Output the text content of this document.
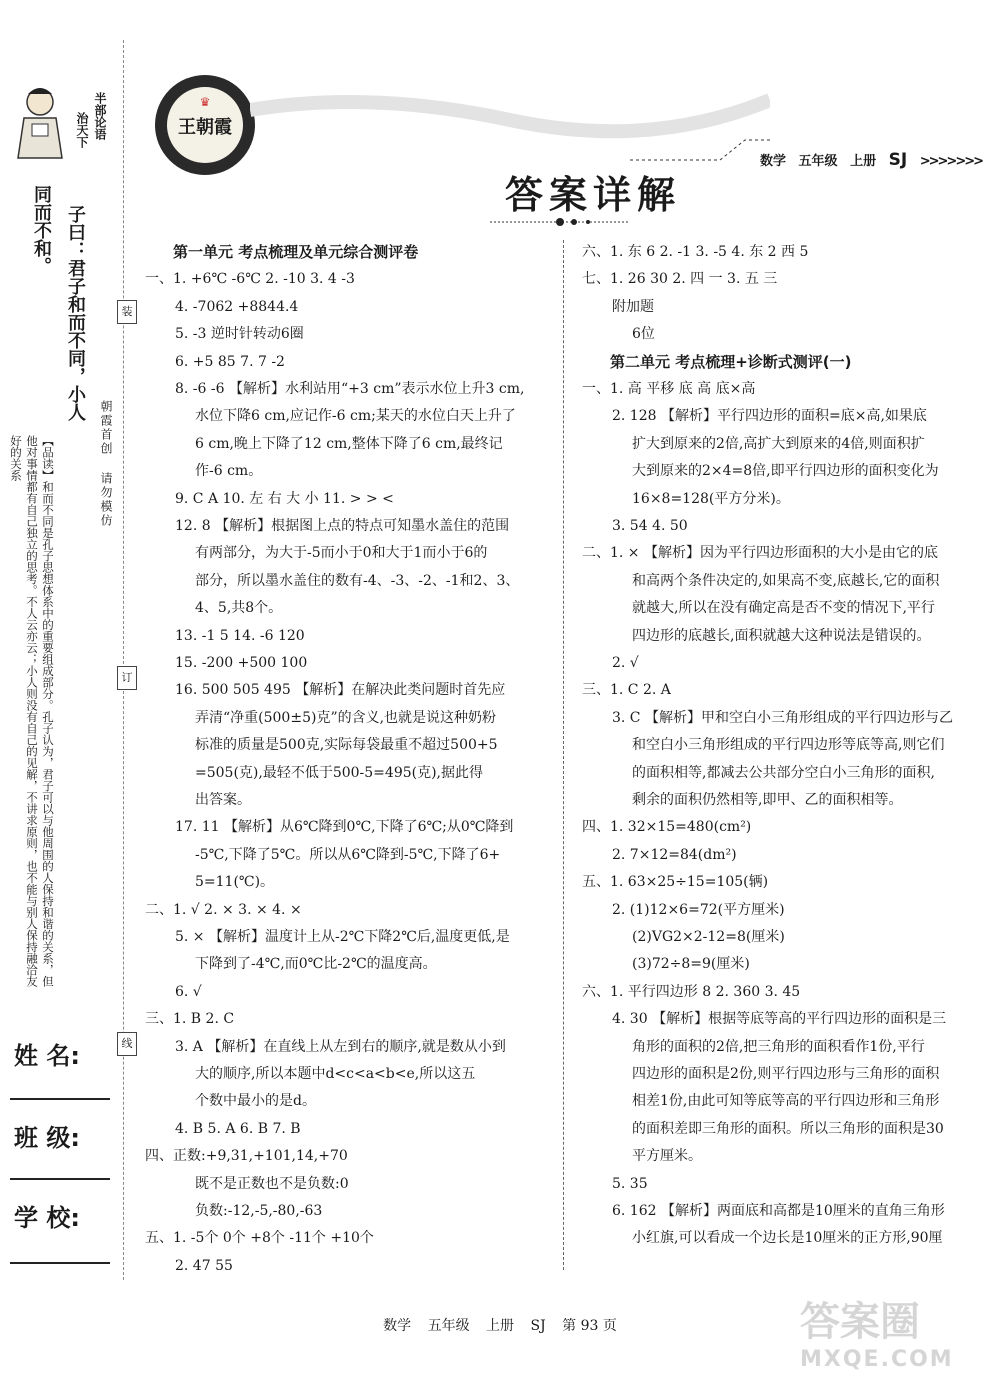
半部论语
治天下
同而不和。 子曰：君子和而不同，小人
【品读】和而不同是孔子思想体系中的重要组成部分。孔子认为，君子可以与他周围的人保持和谐的关系，但他对事情都有自己独立的思考。不人云亦云；小人则没有自己的见解，不讲求原则，也不能与别人保持融洽友好的关系	朝霞首创 请勿模仿
装
订
线
姓 名:
班 级:
学 校:
♛
王朝霞
数学 五年级 上册 SJ >>>>>>>
答案详解
第一单元 考点梳理及单元综合测评卷
一、1. +6℃ -6℃ 2. -10 3. 4 -3
4. -7062 +8844.4
5. -3 逆时针转动6圈
6. +5 85 7. 7 -2
8. -6 -6 【解析】水利站用“+3 cm”表示水位上升3 cm,
水位下降6 cm,应记作-6 cm;某天的水位白天上升了
6 cm,晚上下降了12 cm,整体下降了6 cm,最终记
作-6 cm。
9. C A 10. 左 右 大 小 11. > > <
12. 8 【解析】根据图上点的特点可知墨水盖住的范围
有两部分，为大于-5而小于0和大于1而小于6的
部分，所以墨水盖住的数有-4、-3、-2、-1和2、3、
4、5,共8个。
13. -1 5 14. -6 120
15. -200 +500 100
16. 500 505 495 【解析】在解决此类问题时首先应
弄清“净重(500±5)克”的含义,也就是说这种奶粉
标准的质量是500克,实际每袋最重不超过500+5
=505(克),最轻不低于500-5=495(克),据此得
出答案。
17. 11 【解析】从6℃降到0℃,下降了6℃;从0℃降到
-5℃,下降了5℃。所以从6℃降到-5℃,下降了6+
5=11(℃)。
二、1. √ 2. × 3. × 4. ×
5. × 【解析】温度计上从-2℃下降2℃后,温度更低,是
下降到了-4℃,而0℃比-2℃的温度高。
6. √
三、1. B 2. C
3. A 【解析】在直线上从左到右的顺序,就是数从小到
大的顺序,所以本题中d<c<a<b<e,所以这五
个数中最小的是d。
4. B 5. A 6. B 7. B
四、正数:+9,31,+101,14,+70
既不是正数也不是负数:0
负数:-12,-5,-80,-63
五、1. -5个 0个 +8个 -11个 +10个
2. 47 55
六、1. 东 6 2. -1 3. -5 4. 东 2 西 5
七、1. 26 30 2. 四 一 3. 五 三
附加题
6位
第二单元 考点梳理+诊断式测评(一)
一、1. 高 平移 底 高 底×高
2. 128 【解析】平行四边形的面积=底×高,如果底
扩大到原来的2倍,高扩大到原来的4倍,则面积扩
大到原来的2×4=8倍,即平行四边形的面积变化为
16×8=128(平方分米)。
3. 54 4. 50
二、1. × 【解析】因为平行四边形面积的大小是由它的底
和高两个条件决定的,如果高不变,底越长,它的面积
就越大,所以在没有确定高是否不变的情况下,平行
四边形的底越长,面积就越大这种说法是错误的。
2. √
三、1. C 2. A
3. C 【解析】甲和空白小三角形组成的平行四边形与乙
和空白小三角形组成的平行四边形等底等高,则它们
的面积相等,都减去公共部分空白小三角形的面积,
剩余的面积仍然相等,即甲、乙的面积相等。
四、1. 32×15=480(cm²)
2. 7×12=84(dm²)
五、1. 63×25÷15=105(辆)
2. (1)12×6=72(平方厘米)
(2)VG2×2-12=8(厘米)
(3)72÷8=9(厘米)
六、1. 平行四边形 8 2. 360 3. 45
4. 30 【解析】根据等底等高的平行四边形的面积是三
角形的面积的2倍,把三角形的面积看作1份,平行
四边形的面积是2份,则平行四边形与三角形的面积
相差1份,由此可知等底等高的平行四边形和三角形
的面积差即三角形的面积。所以三角形的面积是30
平方厘米。
5. 35
6. 162 【解析】两面底和高都是10厘米的直角三角形
小红旗,可以看成一个边长是10厘米的正方形,90厘
数学 五年级 上册 SJ 第 93 页	答案圈
MXQE.COM
